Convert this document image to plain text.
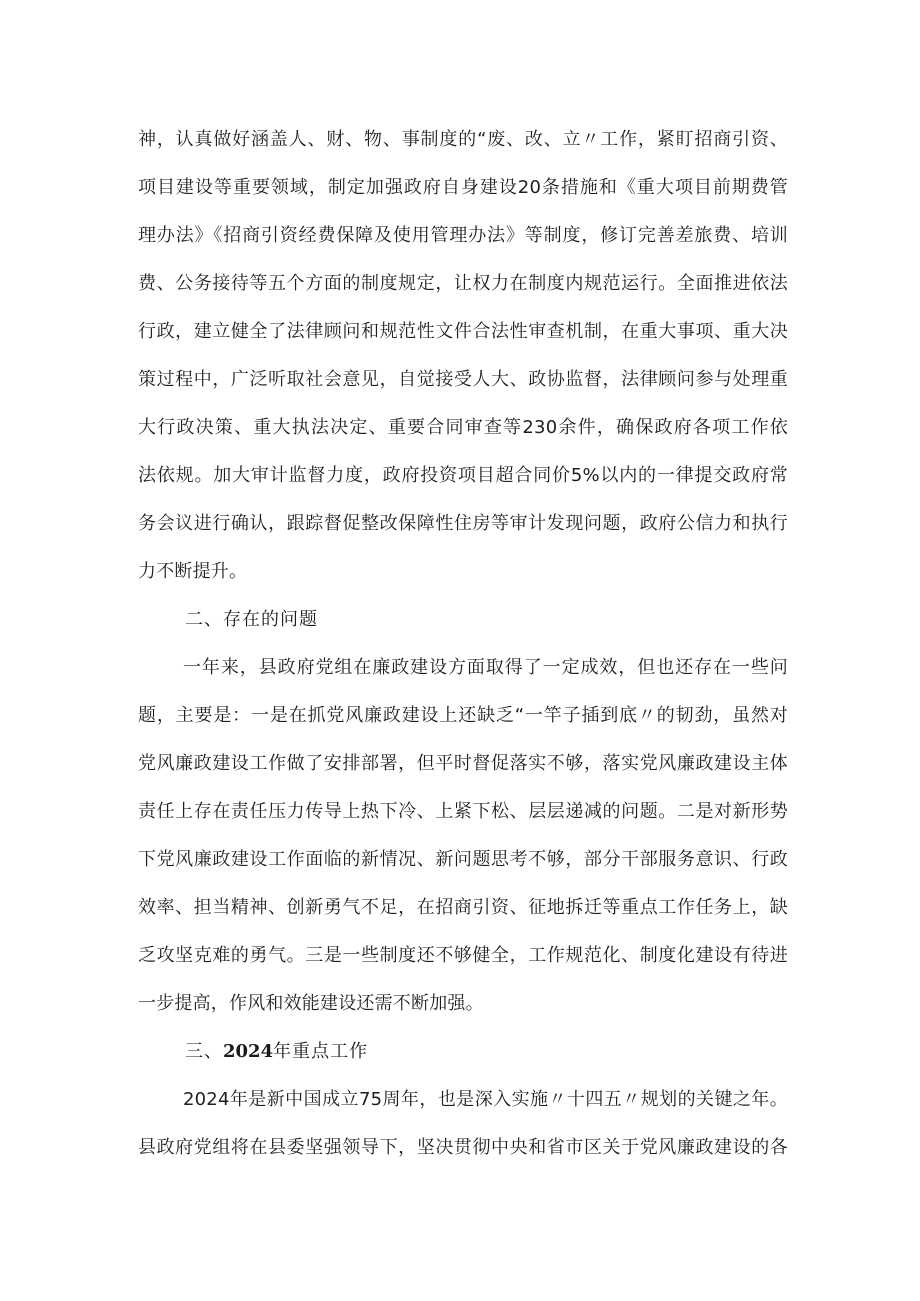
神，认真做好涵盖人、财、物、事制度的“废、改、立〃工作，紧盯招商引资、
项目建设等重要领域，制定加强政府自身建设20条措施和《重大项目前期费管
理办法》《招商引资经费保障及使用管理办法》等制度，修订完善差旅费、培训
费、公务接待等五个方面的制度规定，让权力在制度内规范运行。全面推进依法
行政，建立健全了法律顾问和规范性文件合法性审查机制，在重大事项、重大决
策过程中，广泛听取社会意见，自觉接受人大、政协监督，法律顾问参与处理重
大行政决策、重大执法决定、重要合同审查等230余件，确保政府各项工作依
法依规。加大审计监督力度，政府投资项目超合同价5%以内的一律提交政府常
务会议进行确认，跟踪督促整改保障性住房等审计发现问题，政府公信力和执行
力不断提升。
二、存在的问题
一年来，县政府党组在廉政建设方面取得了一定成效，但也还存在一些问
题，主要是：一是在抓党风廉政建设上还缺乏“一竿子插到底〃的韧劲，虽然对
党风廉政建设工作做了安排部署，但平时督促落实不够，落实党风廉政建设主体
责任上存在责任压力传导上热下冷、上紧下松、层层递减的问题。二是对新形势
下党风廉政建设工作面临的新情况、新问题思考不够，部分干部服务意识、行政
效率、担当精神、创新勇气不足，在招商引资、征地拆迁等重点工作任务上，缺
乏攻坚克难的勇气。三是一些制度还不够健全，工作规范化、制度化建设有待进
一步提高，作风和效能建设还需不断加强。
三、2024年重点工作
2024年是新中国成立75周年，也是深入实施〃十四五〃规划的关键之年。
县政府党组将在县委坚强领导下，坚决贯彻中央和省市区关于党风廉政建设的各
